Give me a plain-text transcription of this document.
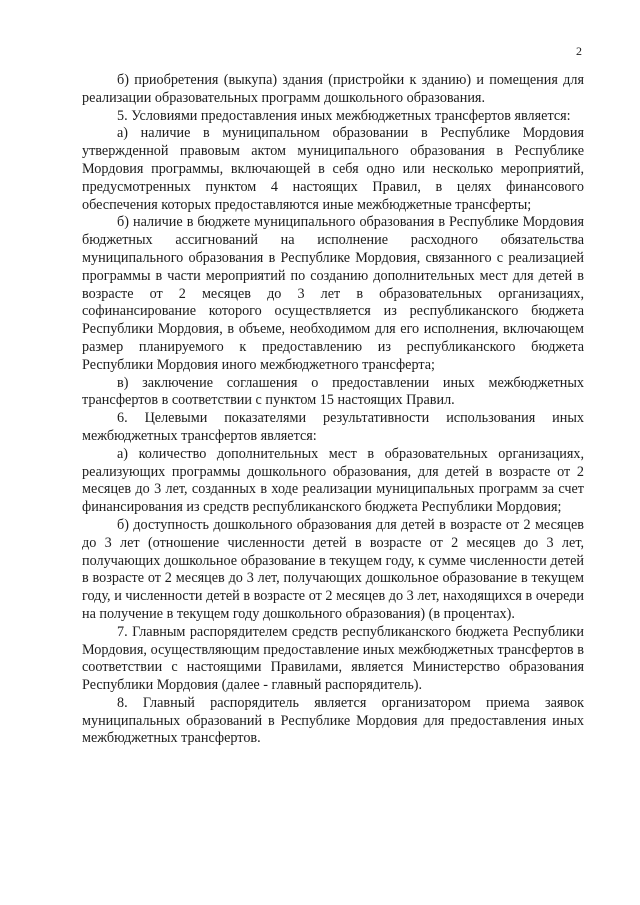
2

б) приобретения (выкупа) здания (пристройки к зданию) и помещения для реализации образовательных программ дошкольного образования.

5. Условиями предоставления иных межбюджетных трансфертов является:

а) наличие в муниципальном образовании в Республике Мордовия утвержденной правовым актом муниципального образования в Республике Мордовия программы, включающей в себя одно или несколько мероприятий, предусмотренных пунктом 4 настоящих Правил, в целях финансового обеспечения которых предоставляются иные межбюджетные трансферты;

б) наличие в бюджете муниципального образования в Республике Мордовия бюджетных ассигнований на исполнение расходного обязательства муниципального образования в Республике Мордовия, связанного с реализацией программы в части мероприятий по созданию дополнительных мест для детей в возрасте от 2 месяцев до 3 лет в образовательных организациях, софинансирование которого осуществляется из республиканского бюджета Республики Мордовия, в объеме, необходимом для его исполнения, включающем размер планируемого к предоставлению из республиканского бюджета Республики Мордовия иного межбюджетного трансферта;

в) заключение соглашения о предоставлении иных межбюджетных трансфертов в соответствии с пунктом 15 настоящих Правил.

6. Целевыми показателями результативности использования иных межбюджетных трансфертов является:

а) количество дополнительных мест в образовательных организациях, реализующих программы дошкольного образования, для детей в возрасте от 2 месяцев до 3 лет, созданных в ходе реализации муниципальных программ за счет финансирования из средств республиканского бюджета Республики Мордовия;

б) доступность дошкольного образования для детей в возрасте от 2 месяцев до 3 лет (отношение численности детей в возрасте от 2 месяцев до 3 лет, получающих дошкольное образование в текущем году, к сумме численности детей в возрасте от 2 месяцев до 3 лет, получающих дошкольное образование в текущем году, и численности детей в возрасте от 2 месяцев до 3 лет, находящихся в очереди на получение в текущем году дошкольного образования) (в процентах).

7. Главным распорядителем средств республиканского бюджета Республики Мордовия, осуществляющим предоставление иных межбюджетных трансфертов в соответствии с настоящими Правилами, является Министерство образования Республики Мордовия (далее - главный распорядитель).

8. Главный распорядитель является организатором приема заявок муниципальных образований в Республике Мордовия для предоставления иных межбюджетных трансфертов.
